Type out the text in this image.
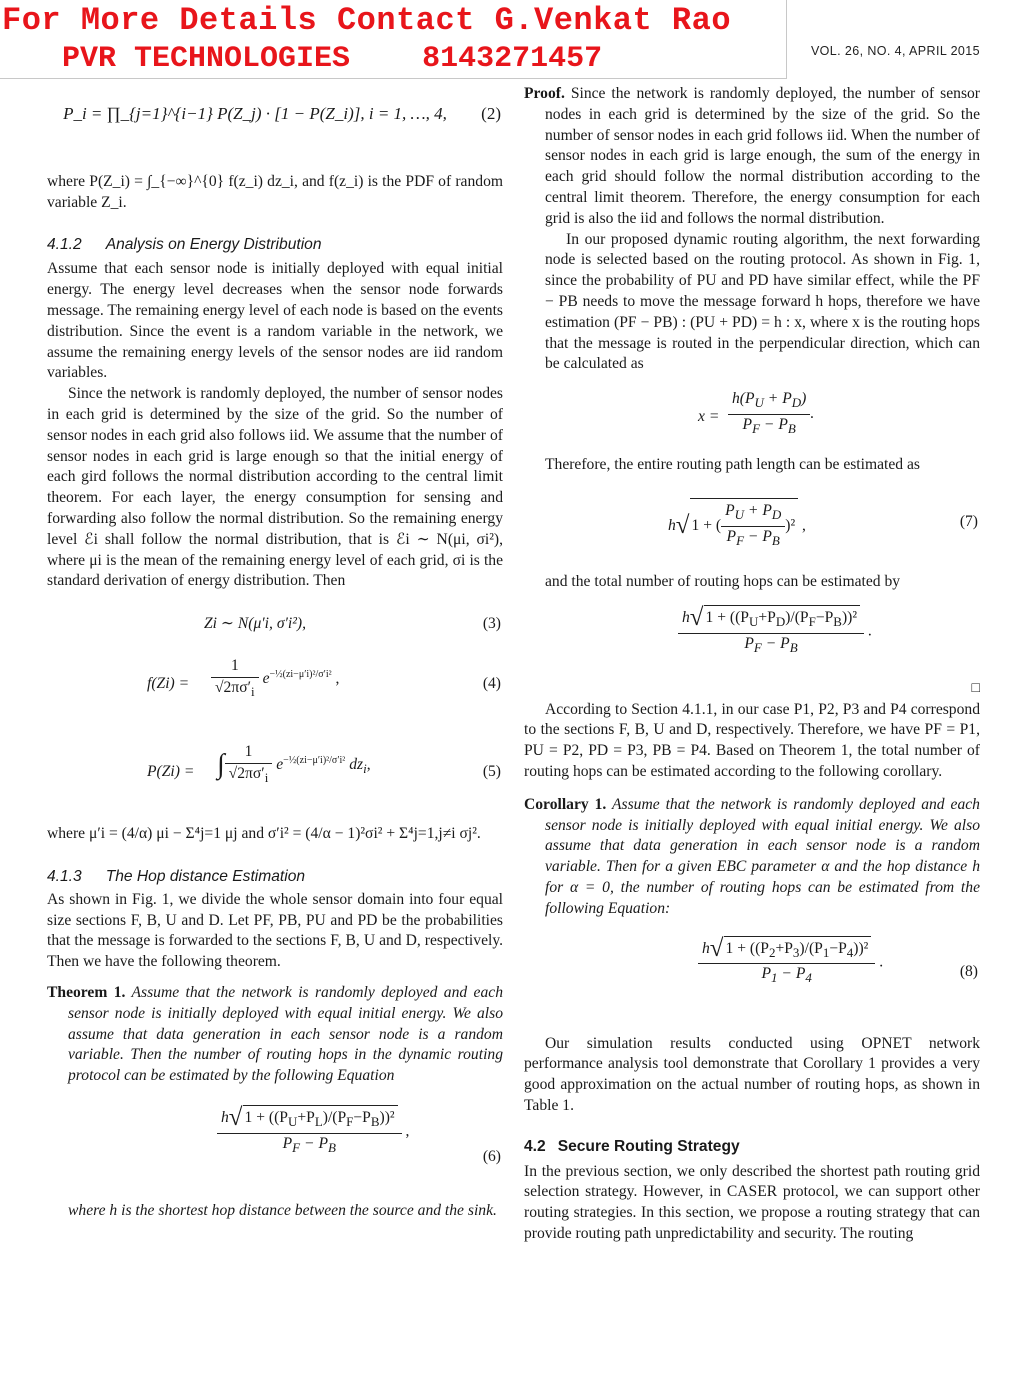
For More Details Contact G.Venkat Rao
PVR TECHNOLOGIES 8143271457	VOL. 26, NO. 4, APRIL 2015
P_i = ∏_{j=1}^{i−1} P(Z_j) · [1 − P(Z_i)], i = 1, …, 4,	(2)

where P(Z_i) = ∫_{−∞}^{0} f(z_i) dz_i, and f(z_i) is the PDF of random variable Z_i.

4.1.2 Analysis on Energy Distribution

Assume that each sensor node is initially deployed with equal initial energy. The energy level decreases when the sensor node forwards message. The remaining energy level of each node is based on the events distribution. Since the event is a random variable in the network, we assume the remaining energy levels of the sensor nodes are iid random variables.

Since the network is randomly deployed, the number of sensor nodes in each grid is determined by the size of the grid. So the number of sensor nodes in each grid also follows iid. We assume that the number of sensor nodes in each grid is large enough so that the initial energy of each gird follows the normal distribution according to the central limit theorem. For each layer, the energy consumption for sensing and forwarding also follow the normal distribution. So the remaining energy level ℰi shall follow the normal distribution, that is ℰi ∼ N(μi, σi²), where μi is the mean of the remaining energy level of each grid, σi is the standard derivation of energy distribution. Then

Zi ∼ N(μ′i, σ′i²),	(3)
$f(Zi) = \frac{1}{√2\pi\sigma'_i} e^{-\frac{1}{2}(zi-\mu'i)^2/\sigma'i^2}$ ,	(4)
P(Zi) = ∫ $\frac{1}{√2\pi\sigma'_i} e^{-\frac{1}{2}(zi-\mu'i)^2/\sigma'i^2}$ $dz_i$,	(5)

where μ′i = (4/α) μi − Σ⁴j=1 μj and σ′i² = (4/α − 1)²σi² + Σ⁴j=1,j≠i σj².

4.1.3 The Hop distance Estimation

As shown in Fig. 1, we divide the whole sensor domain into four equal size sections F, B, U and D. Let PF, PB, PU and PD be the probabilities that the message is forwarded to the sections F, B, U and D, respectively. Then we have the following theorem.

Theorem 1. Assume that the network is randomly deployed and each sensor node is initially deployed with equal initial energy. We also assume that data generation in each sensor node is a random variable. Then the number of routing hops in the dynamic routing protocol can be estimated by the following Equation

$\frac{h√ 1 + ((P_U+P_L)/(P_F-P_B))^2}{P_F - P_B}$ ,
(6)

where h is the shortest hop distance between the source and the sink.

Proof. Since the network is randomly deployed, the number of sensor nodes in each grid is determined by the size of the grid. So the number of sensor nodes in each grid follows iid. When the number of sensor nodes in each grid is large enough, the sum of the energy in each grid should follow the normal distribution according to the central limit theorem. Therefore, the energy consumption for each grid is also the iid and follows the normal distribution.

In our proposed dynamic routing algorithm, the next forwarding node is selected based on the routing protocol. As shown in Fig. 1, since the probability of PU and PD have similar effect, while the PF − PB needs to move the message forward h hops, therefore we have estimation (PF − PB) : (PU + PD) = h : x, where x is the routing hops that the message is routed in the perpendicular direction, which can be calculated as

$x = \frac{h(P_U + P_D)}{P_F - P_B}$ .

Therefore, the entire routing path length can be estimated as

h√ 1 + ( $\frac{P_U + P_D}{P_F - P_B} )^2$ ,	(7)

and the total number of routing hops can be estimated by

$\frac{h√ 1 + ((P_U+P_D)/(P_F-P_B))^2}{P_F - P_B}$ .
□

According to Section 4.1.1, in our case P1, P2, P3 and P4 correspond to the sections F, B, U and D, respectively. Therefore, we have PF = P1, PU = P2, PD = P3, PB = P4. Based on Theorem 1, the total number of routing hops can be estimated according to the following corollary.

Corollary 1. Assume that the network is randomly deployed and each sensor node is initially deployed with equal initial energy. We also assume that data generation in each sensor node is a random variable. Then for a given EBC parameter α and the hop distance h for α = 0, the number of routing hops can be estimated from the following Equation:

$\frac{h√ 1 + ((P_2+P_3)/(P_1-P_4))^2}{P_1 - P_4}$ .
(8)

Our simulation results conducted using OPNET network performance analysis tool demonstrate that Corollary 1 provides a very good approximation on the actual number of routing hops, as shown in Table 1.

4.2 Secure Routing Strategy

In the previous section, we only described the shortest path routing grid selection strategy. However, in CASER protocol, we can support other routing strategies. In this section, we propose a routing strategy that can provide routing path unpredictability and security. The routing
